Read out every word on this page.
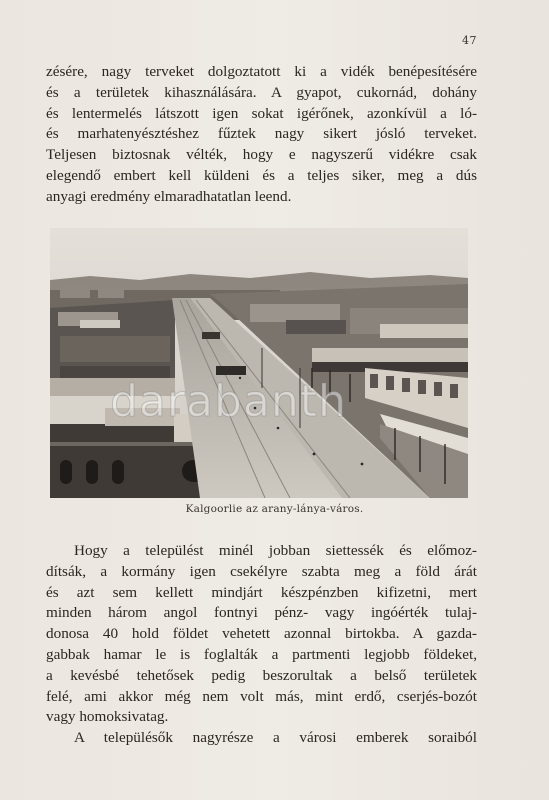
47
zésére, nagy terveket dolgoztatott ki a vidék benépesítésére
és a területek kihasználására. A gyapot, cukornád, dohány
és lentermelés látszott igen sokat igérőnek, azonkívül a ló-
és marhatenyésztéshez fűztek nagy sikert jósló terveket.
Teljesen biztosnak vélték, hogy e nagyszerű vidékre csak
elegendő embert kell küldeni és a teljes siker, meg a dús
anyagi eredmény elmaradhatatlan leend.
darabanth
Kalgoorlie az arany-lánya-város.
Hogy a települést minél jobban siettessék és előmoz-
dítsák, a kormány igen csekélyre szabta meg a föld árát
és azt sem kellett mindjárt készpénzben kifizetni, mert
minden három angol fontnyi pénz- vagy ingóérték tulaj-
donosa 40 hold földet vehetett azonnal birtokba. A gazda-
gabbak hamar le is foglalták a partmenti legjobb földeket,
a kevésbé tehetősek pedig beszorultak a belső területek
felé, ami akkor még nem volt más, mint erdő, cserjés-bozót
vagy homoksivatag.
A településők nagyrésze a városi emberek soraiból
